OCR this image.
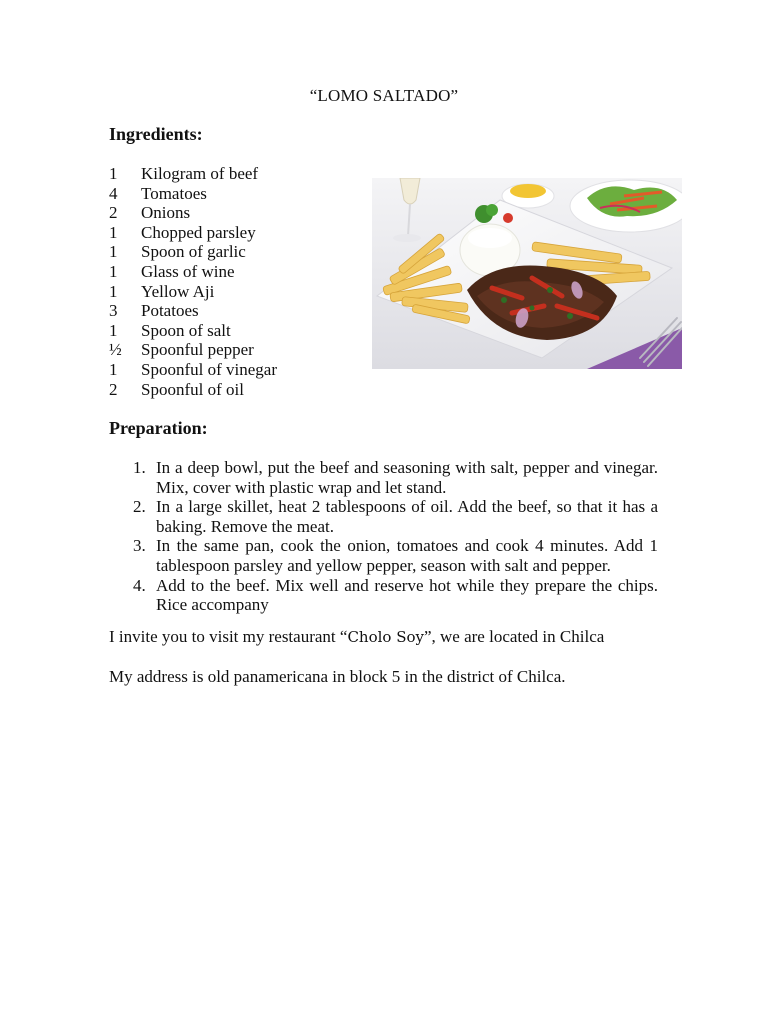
“LOMO SALTADO”
Ingredients:
1 Kilogram of beef
4 Tomatoes
2 Onions
1 Chopped parsley
1 Spoon of garlic
1 Glass of wine
1 Yellow Aji
3 Potatoes
1 Spoon of salt
½ Spoonful pepper
1 Spoonful of vinegar
2 Spoonful of oil
Preparation:
1. In a deep bowl, put the beef and seasoning with salt, pepper and vinegar. Mix, cover with plastic wrap and let stand.
2. In a large skillet, heat 2 tablespoons of oil. Add the beef, so that it has a baking. Remove the meat.
3. In the same pan, cook the onion, tomatoes and cook 4 minutes. Add 1 tablespoon parsley and yellow pepper, season with salt and pepper.
4. Add to the beef. Mix well and reserve hot while they prepare the chips. Rice accompany
I invite you to visit my restaurant “Cholo Soy”, we are located in Chilca
My address is old panamericana in block 5 in the district of Chilca.
